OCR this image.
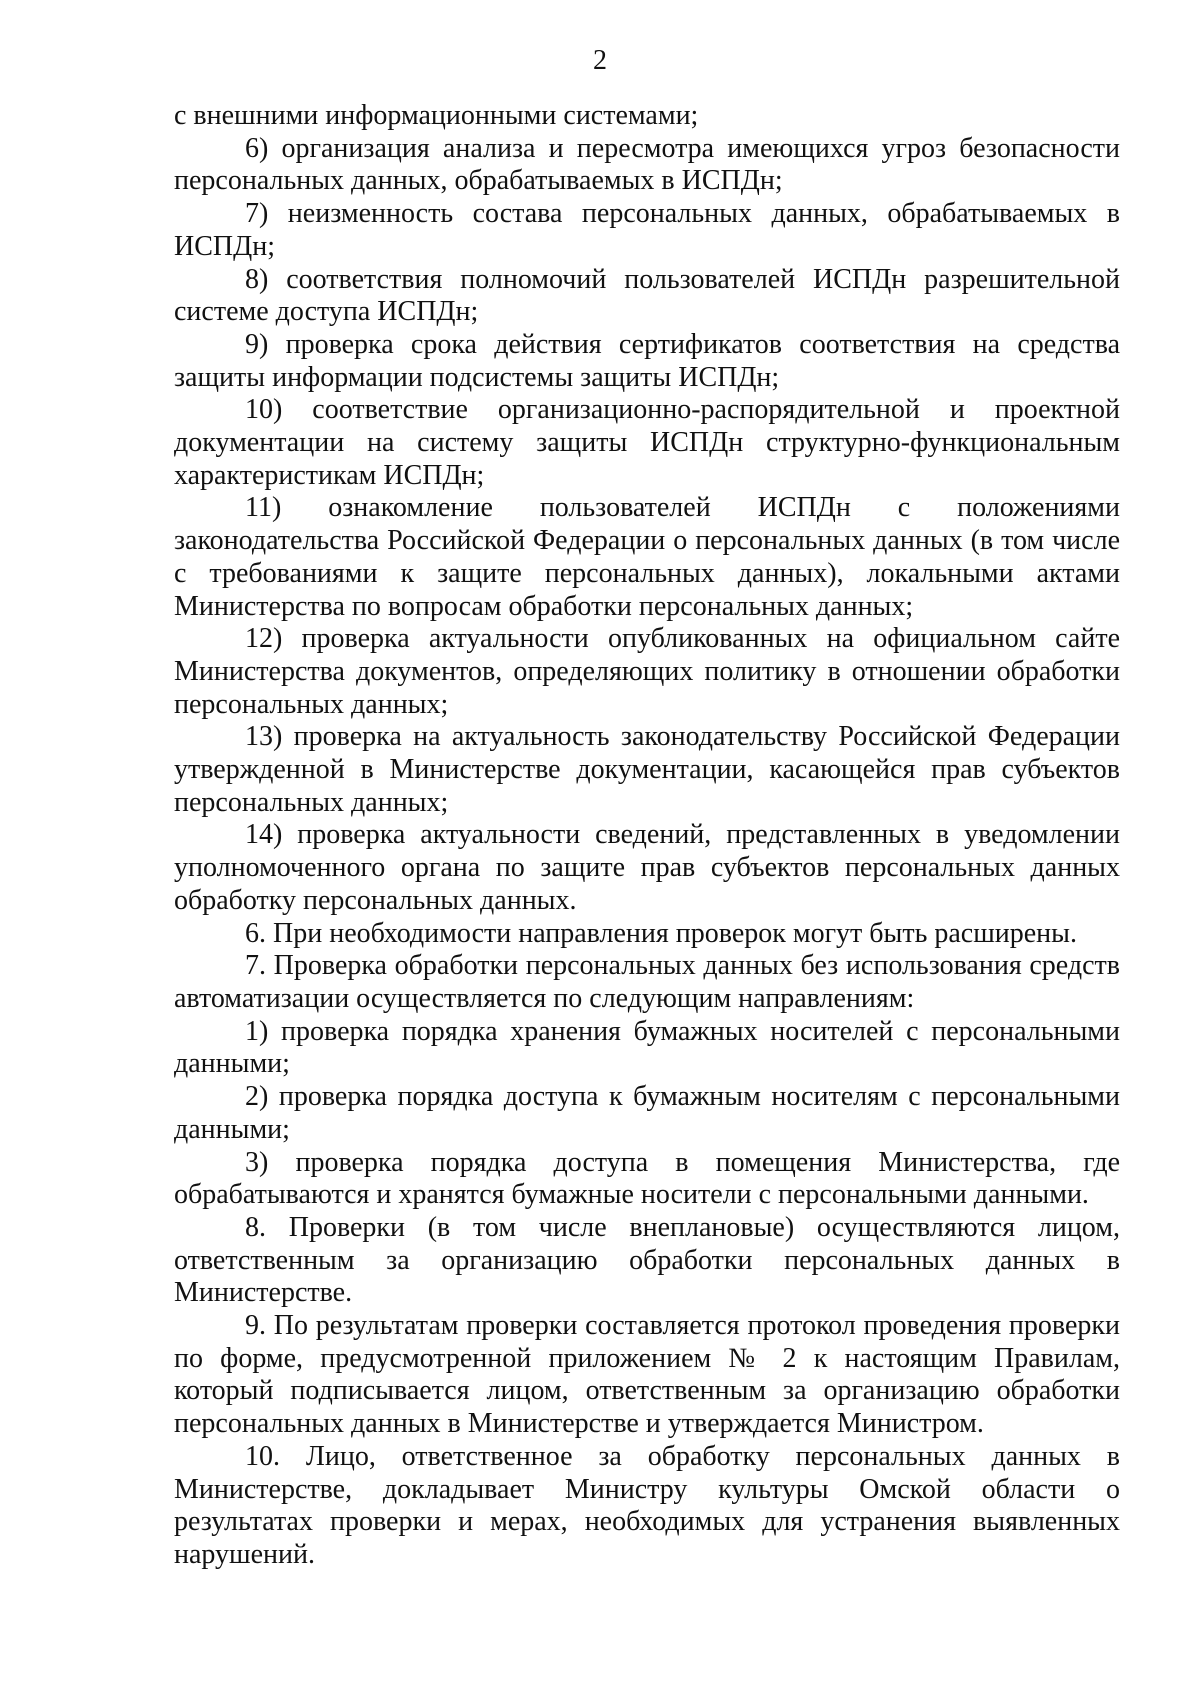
2

с внешними информационными системами;

6) организация анализа и пересмотра имеющихся угроз безопасности персональных данных, обрабатываемых в ИСПДн;

7) неизменность состава персональных данных, обрабатываемых в ИСПДн;

8) соответствия полномочий пользователей ИСПДн разрешительной системе доступа ИСПДн;

9) проверка срока действия сертификатов соответствия на средства защиты информации подсистемы защиты ИСПДн;

10) соответствие организационно-распорядительной и проектной документации на систему защиты ИСПДн структурно-функциональным характеристикам ИСПДн;

11) ознакомление пользователей ИСПДн с положениями законодательства Российской Федерации о персональных данных (в том числе с требованиями к защите персональных данных), локальными актами Министерства по вопросам обработки персональных данных;

12) проверка актуальности опубликованных на официальном сайте Министерства документов, определяющих политику в отношении обработки персональных данных;

13) проверка на актуальность законодательству Российской Федерации утвержденной в Министерстве документации, касающейся прав субъектов персональных данных;

14) проверка актуальности сведений, представленных в уведомлении уполномоченного органа по защите прав субъектов персональных данных обработку персональных данных.

6. При необходимости направления проверок могут быть расширены.

7. Проверка обработки персональных данных без использования средств автоматизации осуществляется по следующим направлениям:

1) проверка порядка хранения бумажных носителей с персональными данными;

2) проверка порядка доступа к бумажным носителям с персональными данными;

3) проверка порядка доступа в помещения Министерства, где обрабатываются и хранятся бумажные носители с персональными данными.

8. Проверки (в том числе внеплановые) осуществляются лицом, ответственным за организацию обработки персональных данных в Министерстве.

9. По результатам проверки составляется протокол проведения проверки по форме, предусмотренной приложением № 2 к настоящим Правилам, который подписывается лицом, ответственным за организацию обработки персональных данных в Министерстве и утверждается Министром.

10. Лицо, ответственное за обработку персональных данных в Министерстве, докладывает Министру культуры Омской области о результатах проверки и мерах, необходимых для устранения выявленных нарушений.
